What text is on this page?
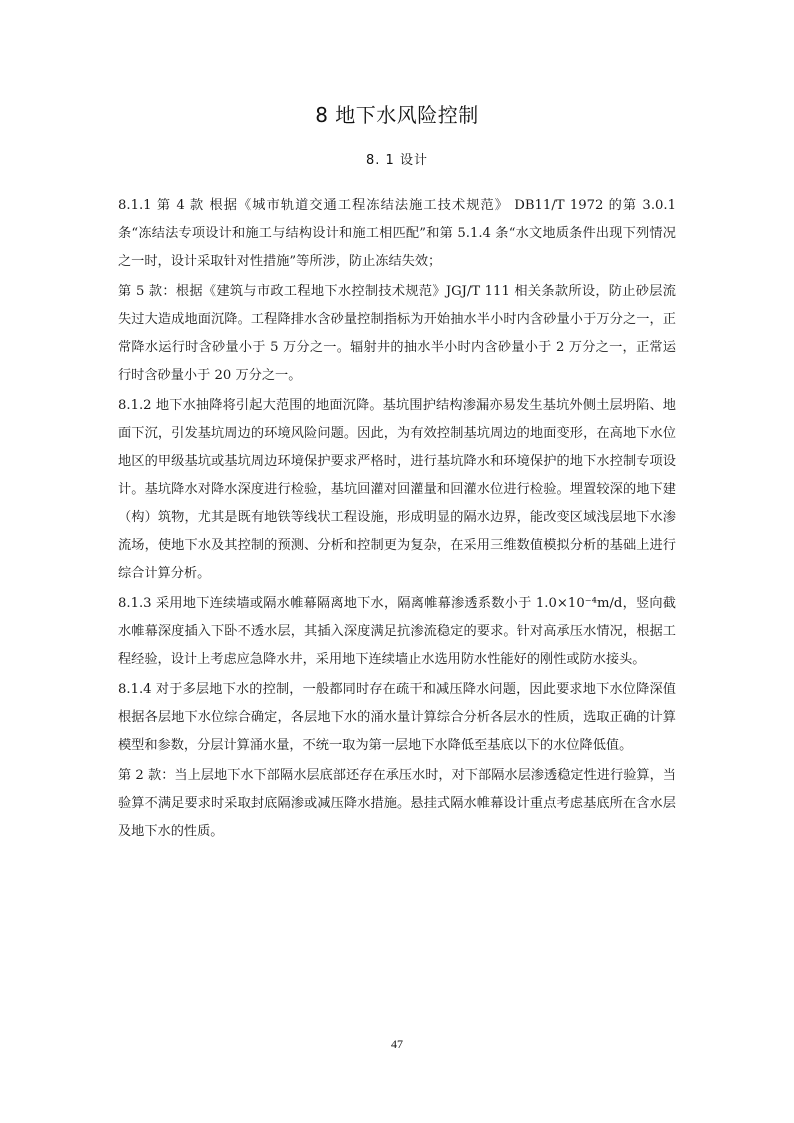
8 地下水风险控制
8. 1 设计

8.1.1 第 4 款 根据《城市轨道交通工程冻结法施工技术规范》 DB11/T 1972 的第 3.0.1 条“冻结法专项设计和施工与结构设计和施工相匹配”和第 5.1.4 条“水文地质条件出现下列情况之一时，设计采取针对性措施”等所涉，防止冻结失效；

第 5 款：根据《建筑与市政工程地下水控制技术规范》JGJ/T 111 相关条款所设，防止砂层流失过大造成地面沉降。工程降排水含砂量控制指标为开始抽水半小时内含砂量小于万分之一，正常降水运行时含砂量小于 5 万分之一。辐射井的抽水半小时内含砂量小于 2 万分之一，正常运行时含砂量小于 20 万分之一。

8.1.2 地下水抽降将引起大范围的地面沉降。基坑围护结构渗漏亦易发生基坑外侧土层坍陷、地面下沉，引发基坑周边的环境风险问题。因此，为有效控制基坑周边的地面变形，在高地下水位地区的甲级基坑或基坑周边环境保护要求严格时，进行基坑降水和环境保护的地下水控制专项设计。基坑降水对降水深度进行检验，基坑回灌对回灌量和回灌水位进行检验。埋置较深的地下建（构）筑物，尤其是既有地铁等线状工程设施，形成明显的隔水边界，能改变区域浅层地下水渗流场，使地下水及其控制的预测、分析和控制更为复杂，在采用三维数值模拟分析的基础上进行综合计算分析。

8.1.3 采用地下连续墙或隔水帷幕隔离地下水，隔离帷幕渗透系数小于 1.0×10⁻⁴m/d，竖向截水帷幕深度插入下卧不透水层，其插入深度满足抗渗流稳定的要求。针对高承压水情况，根据工程经验，设计上考虑应急降水井，采用地下连续墙止水选用防水性能好的刚性或防水接头。

8.1.4 对于多层地下水的控制，一般都同时存在疏干和减压降水问题，因此要求地下水位降深值根据各层地下水位综合确定，各层地下水的涌水量计算综合分析各层水的性质，选取正确的计算模型和参数，分层计算涌水量，不统一取为第一层地下水降低至基底以下的水位降低值。

第 2 款：当上层地下水下部隔水层底部还存在承压水时，对下部隔水层渗透稳定性进行验算，当验算不满足要求时采取封底隔渗或减压降水措施。悬挂式隔水帷幕设计重点考虑基底所在含水层及地下水的性质。

47
